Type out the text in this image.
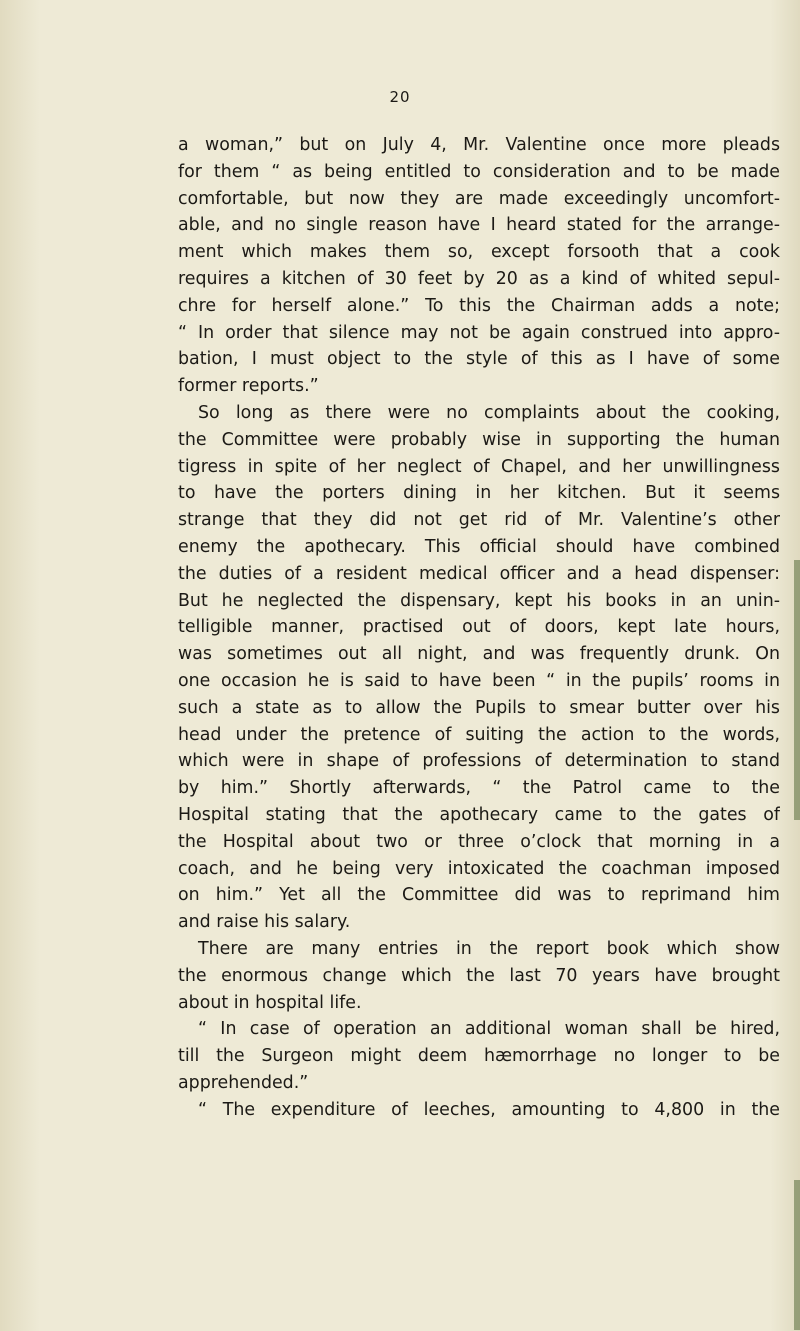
20
a woman,” but on July 4, Mr. Valentine once more pleads
for them “ as being entitled to consideration and to be made
comfortable, but now they are made exceedingly uncomfort-
able, and no single reason have I heard stated for the arrange-
ment which makes them so, except forsooth that a cook
requires a kitchen of 30 feet by 20 as a kind of whited sepul-
chre for herself alone.” To this the Chairman adds a note;
“ In order that silence may not be again construed into appro-
bation, I must object to the style of this as I have of some
former reports.”
So long as there were no complaints about the cooking,
the Committee were probably wise in supporting the human
tigress in spite of her neglect of Chapel, and her unwillingness
to have the porters dining in her kitchen. But it seems
strange that they did not get rid of Mr. Valentine’s other
enemy the apothecary. This official should have combined
the duties of a resident medical officer and a head dispenser:
But he neglected the dispensary, kept his books in an unin-
telligible manner, practised out of doors, kept late hours,
was sometimes out all night, and was frequently drunk. On
one occasion he is said to have been “ in the pupils’ rooms in
such a state as to allow the Pupils to smear butter over his
head under the pretence of suiting the action to the words,
which were in shape of professions of determination to stand
by him.” Shortly afterwards, “ the Patrol came to the
Hospital stating that the apothecary came to the gates of
the Hospital about two or three o’clock that morning in a
coach, and he being very intoxicated the coachman imposed
on him.” Yet all the Committee did was to reprimand him
and raise his salary.
There are many entries in the report book which show
the enormous change which the last 70 years have brought
about in hospital life.
“ In case of operation an additional woman shall be hired,
till the Surgeon might deem hæmorrhage no longer to be
apprehended.”
“ The expenditure of leeches, amounting to 4,800 in the
